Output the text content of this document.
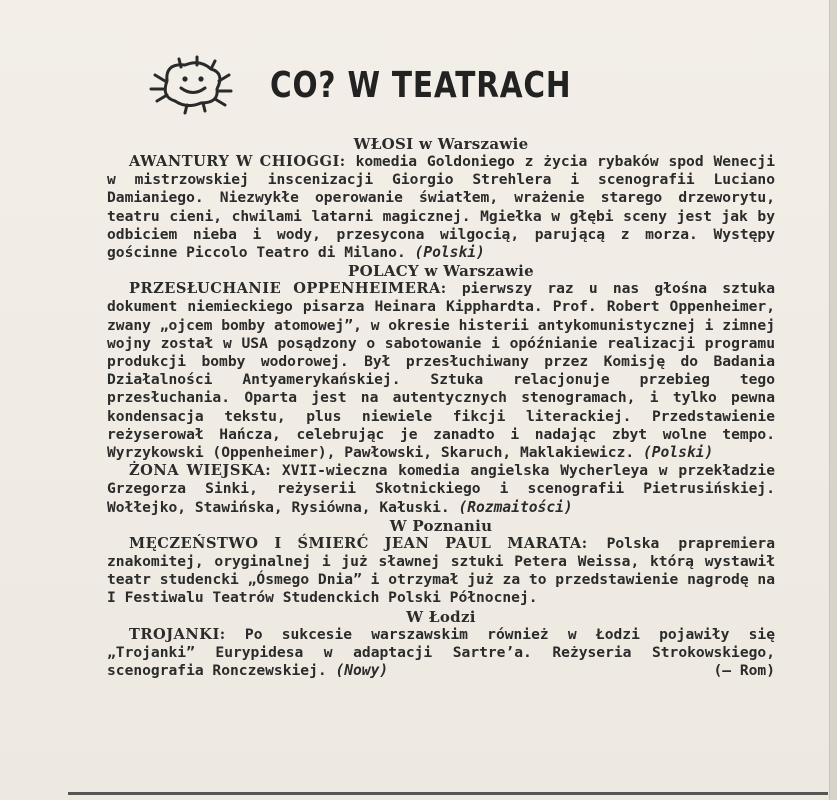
CO? W TEATRACH
WŁOSI w Warszawie

AWANTURY W CHIOGGI: komedia Goldoniego z życia rybaków spod Wenecji w mistrzowskiej inscenizacji Giorgio Strehlera i scenografii Luciano Damianiego. Niezwykłe operowanie światłem, wrażenie starego drzeworytu, teatru cieni, chwilami latarni magicznej. Mgiełka w głębi sceny jest jak by odbiciem nieba i wody, przesycona wilgocią, parującą z morza. Występy gościnne Piccolo Teatro di Milano. (Polski)

POLACY w Warszawie

PRZESŁUCHANIE OPPENHEIMERA: pierwszy raz u nas głośna sztuka dokument niemieckiego pisarza Heinara Kipphardta. Prof. Robert Oppenheimer, zwany „ojcem bomby atomowej”, w okresie histerii antykomunistycznej i zimnej wojny został w USA posądzony o sabotowanie i opóźnianie realizacji programu produkcji bomby wodorowej. Był przesłuchiwany przez Komisję do Badania Działalności Antyamerykańskiej. Sztuka relacjonuje przebieg tego przesłuchania. Oparta jest na autentycznych stenogramach, i tylko pewna kondensacja tekstu, plus niewiele fikcji literackiej. Przedstawienie reżyserował Hańcza, celebrując je zanadto i nadając zbyt wolne tempo. Wyrzykowski (Oppenheimer), Pawłowski, Skaruch, Maklakiewicz. (Polski)

ŻONA WIEJSKA: XVII-wieczna komedia angielska Wycherleya w przekładzie Grzegorza Sinki, reżyserii Skotnickiego i scenografii Pietrusińskiej. Wołłejko, Stawińska, Rysiówna, Kałuski. (Rozmaitości)

W Poznaniu

MĘCZEŃSTWO I ŚMIERĆ JEAN PAUL MARATA: Polska prapremiera znakomitej, oryginalnej i już sławnej sztuki Petera Weissa, którą wystawił teatr studencki „Ósmego Dnia” i otrzymał już za to przedstawienie nagrodę na I Festiwalu Teatrów Studenckich Polski Północnej.

W Łodzi

TROJANKI: Po sukcesie warszawskim również w Łodzi pojawiły się „Trojanki” Eurypidesa w adaptacji Sartre’a. Reżyseria Strokowskiego, scenografia Ronczewskiej. (Nowy)	(— Rom)
